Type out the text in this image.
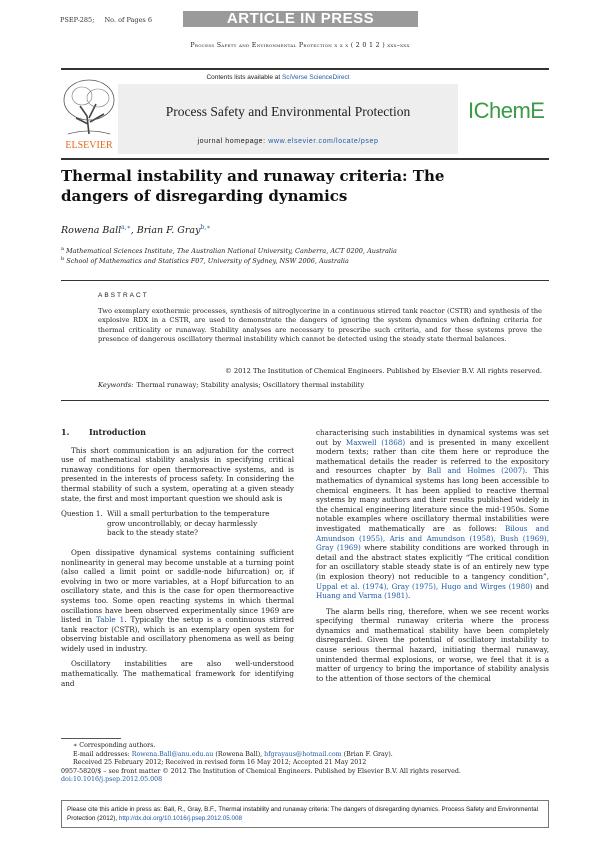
PSEP-285; No. of Pages 6	ARTICLE IN PRESS
Process Safety and Environmental Protection x x x ( 2 0 1 2 ) xxx–xxx
Contents lists available at SciVerse ScienceDirect
Process Safety and Environmental Protection
journal homepage: www.elsevier.com/locate/psep
ELSEVIER
IChemE
Thermal instability and runaway criteria: The dangers of disregarding dynamics
Rowena Ball$^{a,∗}$, Brian F. Gray$^{b,∗}$
$^a$ Mathematical Sciences Institute, The Australian National University, Canberra, ACT 0200, Australia
$^b$ School of Mathematics and Statistics F07, University of Sydney, NSW 2006, Australia
ABSTRACT
Two exemplary exothermic processes, synthesis of nitroglycerine in a continuous stirred tank reactor (CSTR) and synthesis of the explosive RDX in a CSTR, are used to demonstrate the dangers of ignoring the system dynamics when defining criteria for thermal criticality or runaway. Stability analyses are necessary to prescribe such criteria, and for these systems prove the presence of dangerous oscillatory thermal instability which cannot be detected using the steady state thermal balances.
© 2012 The Institution of Chemical Engineers. Published by Elsevier B.V. All rights reserved.
Keywords: Thermal runaway; Stability analysis; Oscillatory thermal instability
1. Introduction

This short communication is an adjuration for the correct use of mathematical stability analysis in specifying critical runaway conditions for open thermoreactive systems, and is presented in the interests of process safety. In considering the thermal stability of such a system, operating at a given steady state, the first and most important question we should ask is

Question 1. Will a small perturbation to the temperature grow uncontrollably, or decay harmlessly back to the steady state?

Open dissipative dynamical systems containing sufficient nonlinearity in general may become unstable at a turning point (also called a limit point or saddle-node bifurcation) or, if evolving in two or more variables, at a Hopf bifurcation to an oscillatory state, and this is the case for open thermoreactive systems too. Some open reacting systems in which thermal oscillations have been observed experimentally since 1969 are listed in Table 1. Typically the setup is a continuous stirred tank reactor (CSTR), which is an exemplary open system for observing bistable and oscillatory phenomena as well as being widely used in industry.

Oscillatory instabilities are also well-understood mathematically. The mathematical framework for identifying and

characterising such instabilities in dynamical systems was set out by Maxwell (1868) and is presented in many excellent modern texts; rather than cite them here or reproduce the mathematical details the reader is referred to the expository and resources chapter by Ball and Holmes (2007). This mathematics of dynamical systems has long been accessible to chemical engineers. It has been applied to reactive thermal systems by many authors and their results published widely in the chemical engineering literature since the mid-1950s. Some notable examples where oscillatory thermal instabilities were investigated mathematically are as follows: Bilous and Amundson (1955), Aris and Amundson (1958), Bush (1969), Gray (1969) where stability conditions are worked through in detail and the abstract states explicitly “The critical condition for an oscillatory stable steady state is of an entirely new type (in explosion theory) not reducible to a tangency condition”, Uppal et al. (1974), Gray (1975), Hugo and Wirges (1980) and Huang and Varma (1981).

The alarm bells ring, therefore, when we see recent works specifying thermal runaway criteria where the process dynamics and mathematical stability have been completely disregarded. Given the potential of oscillatory instability to cause serious thermal hazard, initiating thermal runaway, unintended thermal explosions, or worse, we feel that it is a matter of urgency to bring the importance of stability analysis to the attention of those sectors of the chemical

∗ Corresponding authors.
E-mail addresses: Rowena.Ball@anu.edu.au (Rowena Ball), bfgrayaus@hotmail.com (Brian F. Gray).
Received 25 February 2012; Received in revised form 16 May 2012; Accepted 21 May 2012
0957-5820/$ – see front matter © 2012 The Institution of Chemical Engineers. Published by Elsevier B.V. All rights reserved.
doi:10.1016/j.psep.2012.05.008
Please cite this article in press as: Ball, R., Gray, B.F., Thermal instability and runaway criteria: The dangers of disregarding dynamics. Process Safety and Environmental Protection (2012), http://dx.doi.org/10.1016/j.psep.2012.05.008
